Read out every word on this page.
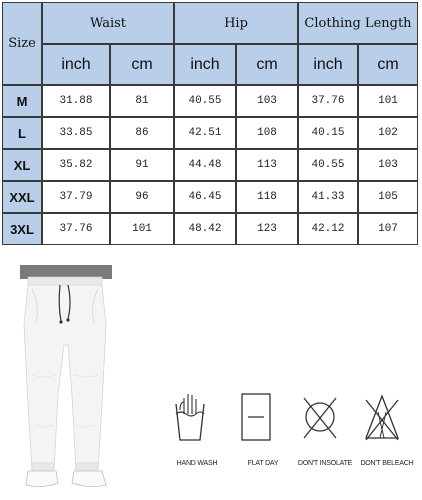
Size
Waist	Hip	Clothing Length
inch	cm	inch	cm	inch	cm
M	31.88	81	40.55	103	37.76	101
L	33.85	86	42.51	108	40.15	102
XL	35.82	91	44.48	113	40.55	103
XXL	37.79	96	46.45	118	41.33	105
3XL	37.76	101	48.42	123	42.12	107
HAND WASH	FLAT DAY	DON'T INSOLATE	DON'T BELEACH
